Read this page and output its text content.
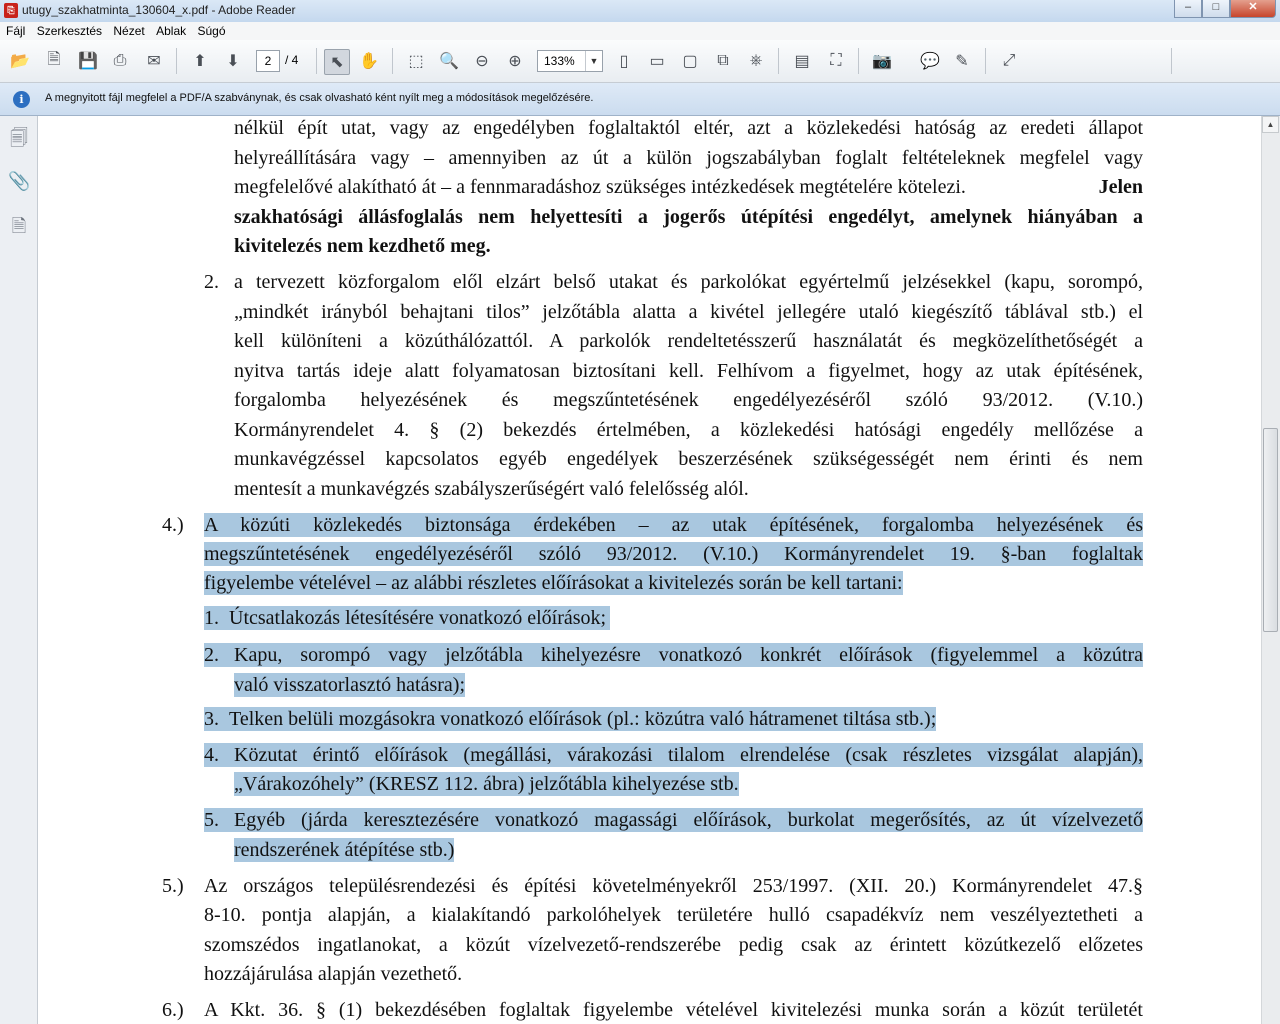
⎘ utugy_szakhatminta_130604_x.pdf - Adobe Reader	–	□	✕
Fájl Szerkesztés Nézet Ablak Súgó
📂	🗎	💾 ⎙	✉	⬆	⬇	⬉ ✋ ⬚ 🔍	⊖	⊕	▯	▭ ▢	⧉	⎈	▤	⛶	📷 💬 ✎	⤢
2	/ 4	133%	▼
i	A megnyitott fájl megfelel a PDF/A szabványnak, és csak olvasható ként nyílt meg a módosítások megelőzésére.
🗐
📎
🗎
nélkül épít utat, vagy az engedélyben foglaltaktól eltér, azt a közlekedési hatóság az eredeti állapot
helyreállítására vagy – amennyiben az út a külön jogszabályban foglalt feltételeknek megfelel vagy
megfelelővé alakítható át – a fennmaradáshoz szükséges intézkedések megtételére kötelezi.	Jelen
szakhatósági állásfoglalás nem helyettesíti a jogerős útépítési engedélyt, amelynek hiányában a
kivitelezés nem kezdhető meg.
2. a tervezett közforgalom elől elzárt belső utakat és parkolókat egyértelmű jelzésekkel (kapu, sorompó,
„mindkét irányból behajtani tilos” jelzőtábla alatta a kivétel jellegére utaló kiegészítő táblával stb.) el
kell különíteni a közúthálózattól. A parkolók rendeltetésszerű használatát és megközelíthetőségét a
nyitva tartás ideje alatt folyamatosan biztosítani kell. Felhívom a figyelmet, hogy az utak építésének,
forgalomba helyezésének és megszűntetésének engedélyezéséről szóló 93/2012. (V.10.)
Kormányrendelet 4. § (2) bekezdés értelmében, a közlekedési hatósági engedély mellőzése a
munkavégzéssel kapcsolatos egyéb engedélyek beszerzésének szükségességét nem érinti és nem
mentesít a munkavégzés szabályszerűségért való felelősség alól.
4.) A közúti közlekedés biztonsága érdekében – az utak építésének, forgalomba helyezésének és
megszűntetésének engedélyezéséről szóló 93/2012. (V.10.) Kormányrendelet 19. §-ban foglaltak
figyelembe vételével – az alábbi részletes előírásokat a kivitelezés során be kell tartani:
1. Útcsatlakozás létesítésére vonatkozó előírások;
2. Kapu, sorompó vagy jelzőtábla kihelyezésre vonatkozó konkrét előírások (figyelemmel a közútra
való visszatorlasztó hatásra);
3. Telken belüli mozgásokra vonatkozó előírások (pl.: közútra való hátramenet tiltása stb.);
4. Közutat érintő előírások (megállási, várakozási tilalom elrendelése (csak részletes vizsgálat alapján),
„Várakozóhely” (KRESZ 112. ábra) jelzőtábla kihelyezése stb.
5. Egyéb (járda keresztezésére vonatkozó magassági előírások, burkolat megerősítés, az út vízelvezető
rendszerének átépítése stb.)
5.) Az országos településrendezési és építési követelményekről 253/1997. (XII. 20.) Kormányrendelet 47.§
8-10. pontja alapján, a kialakítandó parkolóhelyek területére hulló csapadékvíz nem veszélyeztetheti a
szomszédos ingatlanokat, a közút vízelvezető-rendszerébe pedig csak az érintett közútkezelő előzetes
hozzájárulása alapján vezethető.
6.) A Kkt. 36. § (1) bekezdésében foglaltak figyelembe vételével kivitelezési munka során a közút területét
▲
